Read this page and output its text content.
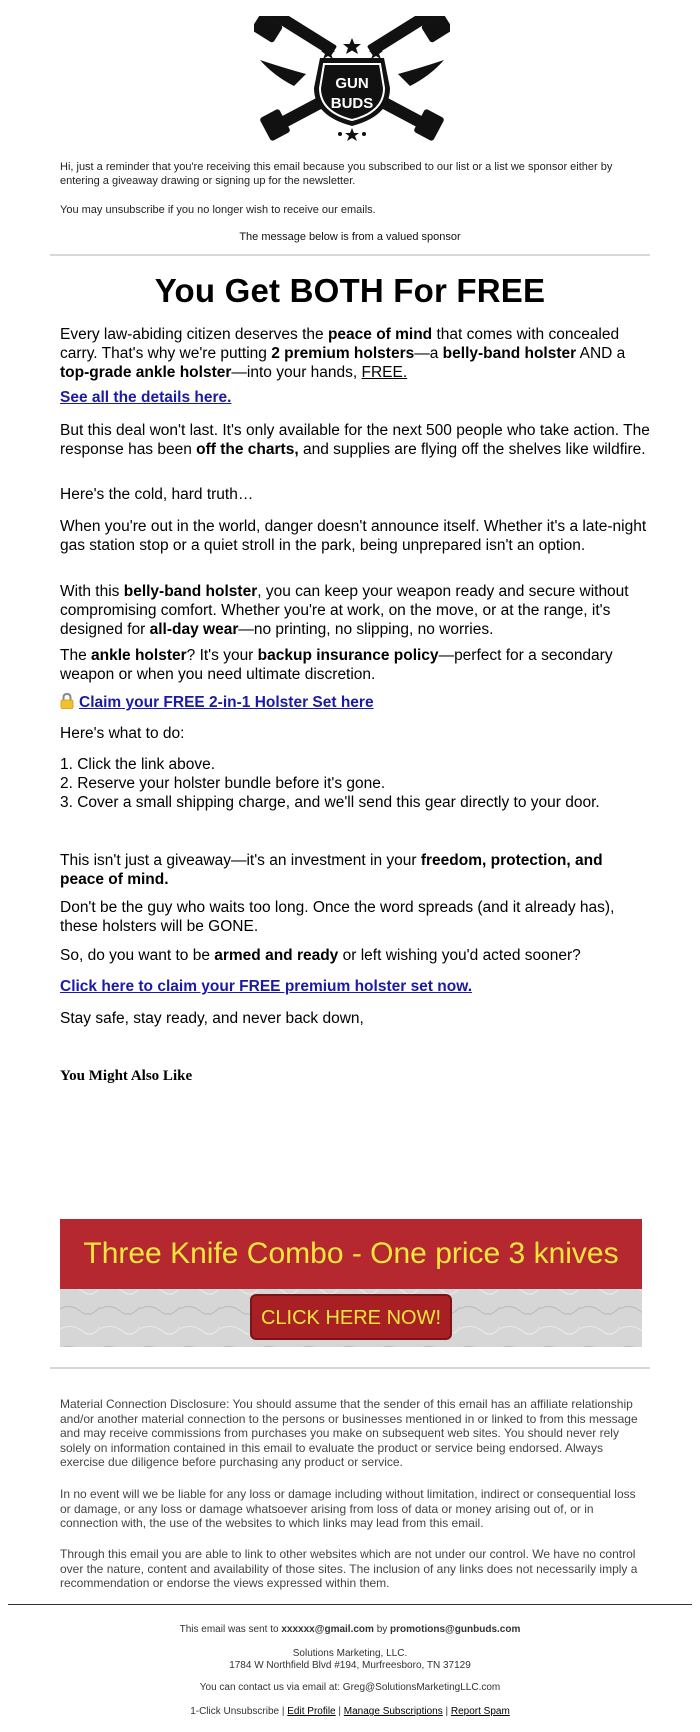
GUN
BUDS
Hi, just a reminder that you're receiving this email because you subscribed to our list or a list we sponsor either by entering a giveaway drawing or signing up for the newsletter.
You may unsubscribe if you no longer wish to receive our emails.
The message below is from a valued sponsor
You Get BOTH For FREE
Every law-abiding citizen deserves the peace of mind that comes with concealed carry. That's why we're putting 2 premium holsters—a belly-band holster AND a top-grade ankle holster—into your hands, FREE.
See all the details here.
But this deal won't last. It's only available for the next 500 people who take action. The response has been off the charts, and supplies are flying off the shelves like wildfire.
Here's the cold, hard truth…
When you're out in the world, danger doesn't announce itself. Whether it's a late-night gas station stop or a quiet stroll in the park, being unprepared isn't an option.
With this belly-band holster, you can keep your weapon ready and secure without compromising comfort. Whether you're at work, on the move, or at the range, it's designed for all-day wear—no printing, no slipping, no worries.
The ankle holster? It's your backup insurance policy—perfect for a secondary weapon or when you need ultimate discretion.
Claim your FREE 2-in-1 Holster Set here
Here's what to do:
1. Click the link above.
2. Reserve your holster bundle before it's gone.
3. Cover a small shipping charge, and we'll send this gear directly to your door.
This isn't just a giveaway—it's an investment in your freedom, protection, and peace of mind.
Don't be the guy who waits too long. Once the word spreads (and it already has), these holsters will be GONE.
So, do you want to be armed and ready or left wishing you'd acted sooner?
Click here to claim your FREE premium holster set now.
Stay safe, stay ready, and never back down,
You Might Also Like
Three Knife Combo - One price 3 knives
CLICK HERE NOW!
Material Connection Disclosure: You should assume that the sender of this email has an affiliate relationship and/or another material connection to the persons or businesses mentioned in or linked to from this message and may receive commissions from purchases you make on subsequent web sites. You should never rely solely on information contained in this email to evaluate the product or service being endorsed. Always exercise due diligence before purchasing any product or service.
In no event will we be liable for any loss or damage including without limitation, indirect or consequential loss or damage, or any loss or damage whatsoever arising from loss of data or money arising out of, or in connection with, the use of the websites to which links may lead from this email.
Through this email you are able to link to other websites which are not under our control. We have no control over the nature, content and availability of those sites. The inclusion of any links does not necessarily imply a recommendation or endorse the views expressed within them.
This email was sent to xxxxxx@gmail.com by promotions@gunbuds.com
Solutions Marketing, LLC.
1784 W Northfield Blvd #194, Murfreesboro, TN 37129
You can contact us via email at: Greg@SolutionsMarketingLLC.com
1-Click Unsubscribe | Edit Profile | Manage Subscriptions | Report Spam
